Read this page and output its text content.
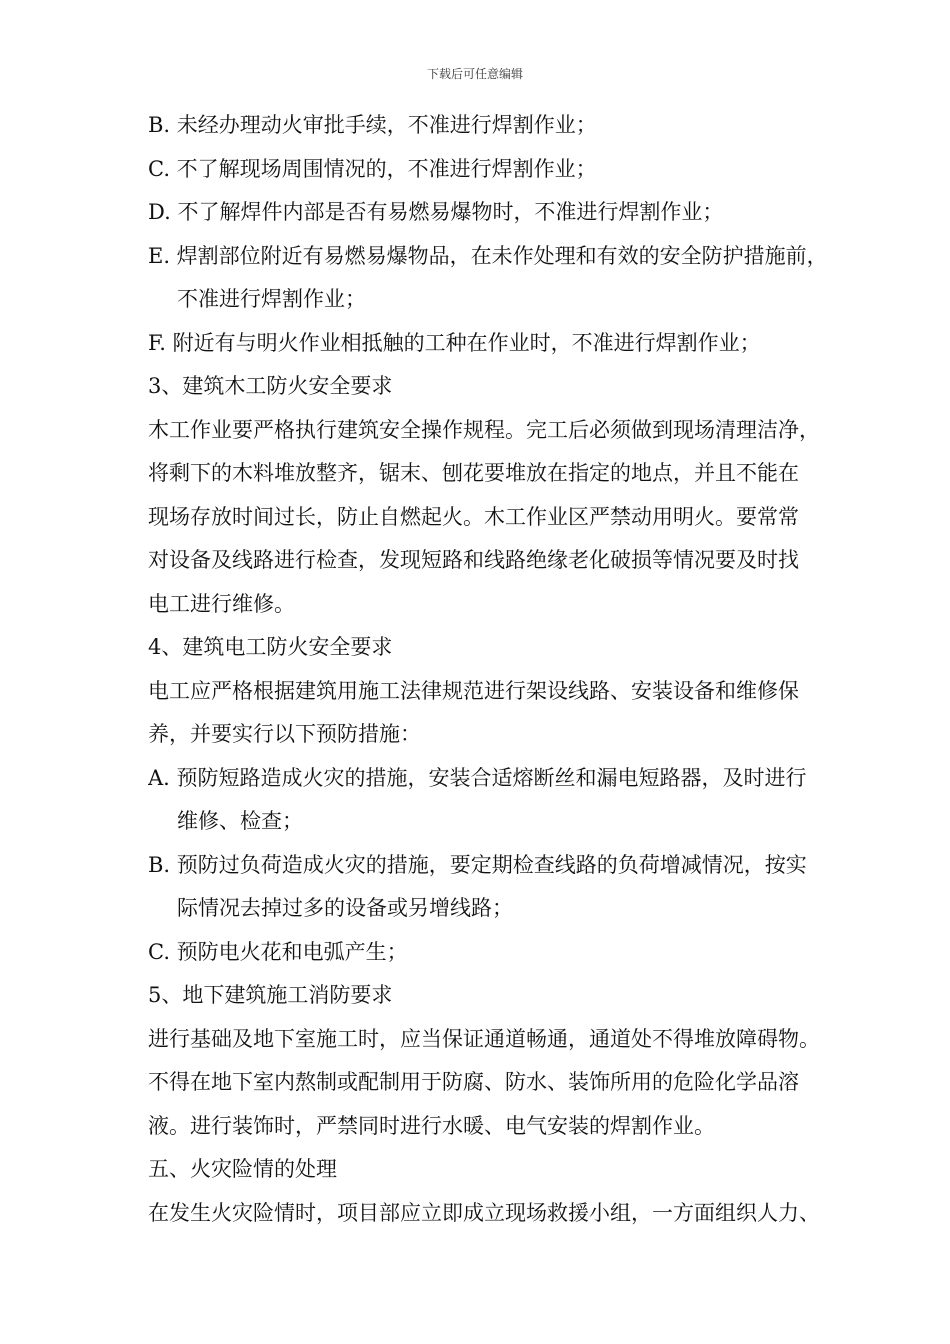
下载后可任意编辑
B. 未经办理动火审批手续，不准进行焊割作业；
C. 不了解现场周围情况的，不准进行焊割作业；
D. 不了解焊件内部是否有易燃易爆物时，不准进行焊割作业；
E. 焊割部位附近有易燃易爆物品，在未作处理和有效的安全防护措施前，
不准进行焊割作业；
F. 附近有与明火作业相抵触的工种在作业时，不准进行焊割作业；
3、建筑木工防火安全要求
木工作业要严格执行建筑安全操作规程。完工后必须做到现场清理洁净，
将剩下的木料堆放整齐，锯末、刨花要堆放在指定的地点，并且不能在
现场存放时间过长，防止自燃起火。木工作业区严禁动用明火。要常常
对设备及线路进行检查，发现短路和线路绝缘老化破损等情况要及时找
电工进行维修。
4、建筑电工防火安全要求
电工应严格根据建筑用施工法律规范进行架设线路、安装设备和维修保
养，并要实行以下预防措施：
A. 预防短路造成火灾的措施，安装合适熔断丝和漏电短路器，及时进行
维修、检查；
B. 预防过负荷造成火灾的措施，要定期检查线路的负荷增减情况，按实
际情况去掉过多的设备或另增线路；
C. 预防电火花和电弧产生；
5、地下建筑施工消防要求
进行基础及地下室施工时，应当保证通道畅通，通道处不得堆放障碍物。
不得在地下室内熬制或配制用于防腐、防水、装饰所用的危险化学品溶
液。进行装饰时，严禁同时进行水暖、电气安装的焊割作业。
五、火灾险情的处理
在发生火灾险情时，项目部应立即成立现场救援小组，一方面组织人力、
